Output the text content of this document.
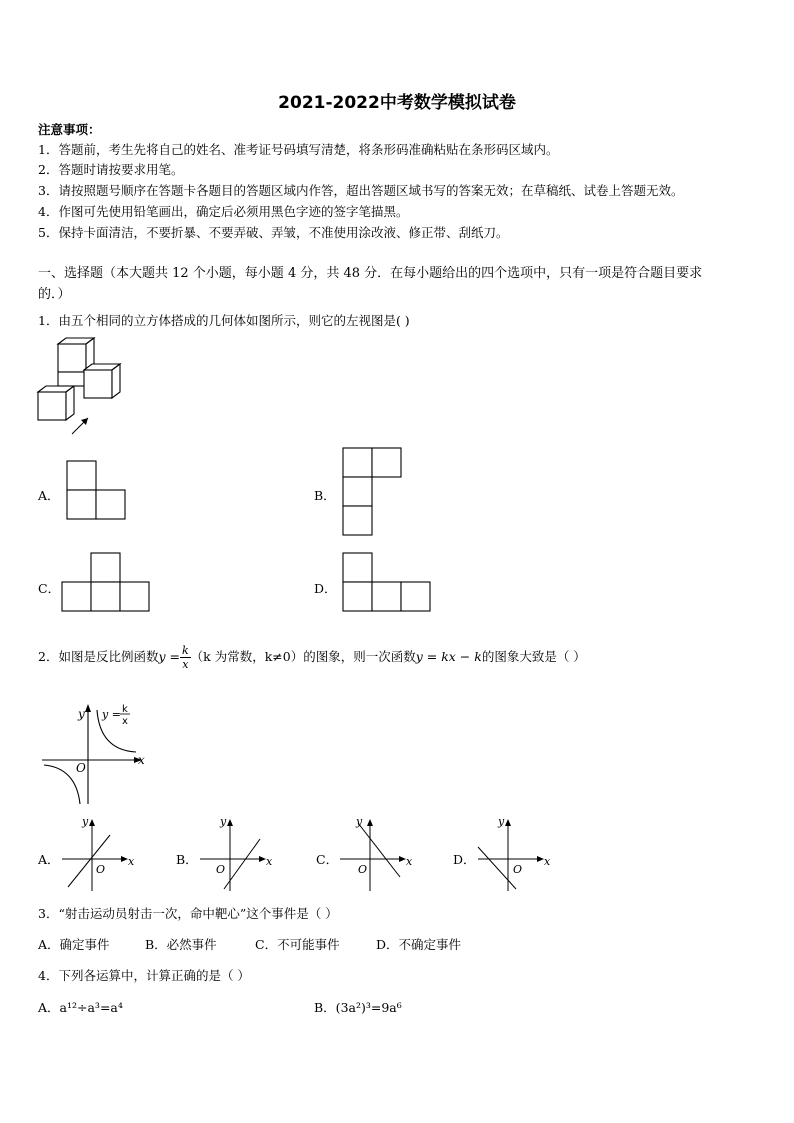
2021-2022中考数学模拟试卷
注意事项：
1．答题前，考生先将自己的姓名、准考证号码填写清楚，将条形码准确粘贴在条形码区域内。
2．答题时请按要求用笔。
3．请按照题号顺序在答题卡各题目的答题区域内作答，超出答题区域书写的答案无效；在草稿纸、试卷上答题无效。
4．作图可先使用铅笔画出，确定后必须用黑色字迹的签字笔描黑。
5．保持卡面清洁，不要折暴、不要弄破、弄皱，不准使用涂改液、修正带、刮纸刀。
一、选择题（本大题共 12 个小题，每小题 4 分，共 48 分．在每小题给出的四个选项中，只有一项是符合题目要求
的．）
1．由五个相同的立方体搭成的几何体如图所示，则它的左视图是( )
A．	B．
C．	D．
2．如图是反比例函数$y = \frac{k}{x} (k$ 为常数，k≠0）的图象，则一次函数y = kx − k的图象大致是（ ）
y
x
O
y = k
x
A．
y
x
O
B．
y
x
O
C．
y
x
O
D．
y
x
O
3．“射击运动员射击一次，命中靶心”这个事件是（ ）
A．确定事件	B．必然事件	C．不可能事件	D．不确定事件
4．下列各运算中，计算正确的是（ ）
A．a¹²÷a³=a⁴	B．(3a²)³=9a⁶
